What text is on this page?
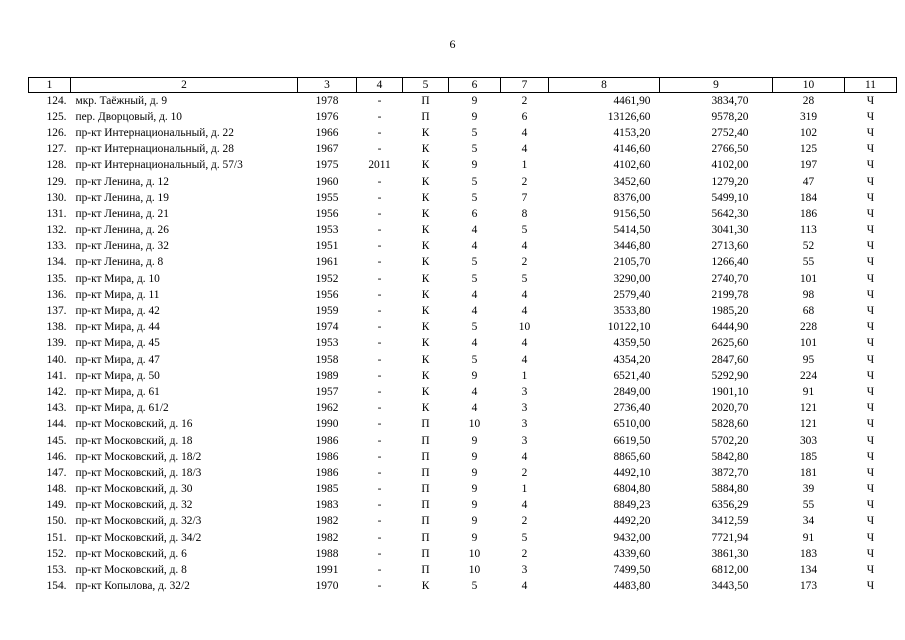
6
1	2	3	4	5	6	7	8	9	10	11
124.	мкр. Таёжный, д. 9	1978	-	П	9	2	4461,90	3834,70	28	Ч
125.	пер. Дворцовый, д. 10	1976	-	П	9	6	13126,60	9578,20	319	Ч
126.	пр-кт Интернациональный, д. 22	1966	-	К	5	4	4153,20	2752,40	102	Ч
127.	пр-кт Интернациональный, д. 28	1967	-	К	5	4	4146,60	2766,50	125	Ч
128.	пр-кт Интернациональный, д. 57/3	1975	2011	К	9	1	4102,60	4102,00	197	Ч
129.	пр-кт Ленина, д. 12	1960	-	К	5	2	3452,60	1279,20	47	Ч
130.	пр-кт Ленина, д. 19	1955	-	К	5	7	8376,00	5499,10	184	Ч
131.	пр-кт Ленина, д. 21	1956	-	К	6	8	9156,50	5642,30	186	Ч
132.	пр-кт Ленина, д. 26	1953	-	К	4	5	5414,50	3041,30	113	Ч
133.	пр-кт Ленина, д. 32	1951	-	К	4	4	3446,80	2713,60	52	Ч
134.	пр-кт Ленина, д. 8	1961	-	К	5	2	2105,70	1266,40	55	Ч
135.	пр-кт Мира, д. 10	1952	-	К	5	5	3290,00	2740,70	101	Ч
136.	пр-кт Мира, д. 11	1956	-	К	4	4	2579,40	2199,78	98	Ч
137.	пр-кт Мира, д. 42	1959	-	К	4	4	3533,80	1985,20	68	Ч
138.	пр-кт Мира, д. 44	1974	-	К	5	10	10122,10	6444,90	228	Ч
139.	пр-кт Мира, д. 45	1953	-	К	4	4	4359,50	2625,60	101	Ч
140.	пр-кт Мира, д. 47	1958	-	К	5	4	4354,20	2847,60	95	Ч
141.	пр-кт Мира, д. 50	1989	-	К	9	1	6521,40	5292,90	224	Ч
142.	пр-кт Мира, д. 61	1957	-	К	4	3	2849,00	1901,10	91	Ч
143.	пр-кт Мира, д. 61/2	1962	-	К	4	3	2736,40	2020,70	121	Ч
144.	пр-кт Московский, д. 16	1990	-	П	10	3	6510,00	5828,60	121	Ч
145.	пр-кт Московский, д. 18	1986	-	П	9	3	6619,50	5702,20	303	Ч
146.	пр-кт Московский, д. 18/2	1986	-	П	9	4	8865,60	5842,80	185	Ч
147.	пр-кт Московский, д. 18/3	1986	-	П	9	2	4492,10	3872,70	181	Ч
148.	пр-кт Московский, д. 30	1985	-	П	9	1	6804,80	5884,80	39	Ч
149.	пр-кт Московский, д. 32	1983	-	П	9	4	8849,23	6356,29	55	Ч
150.	пр-кт Московский, д. 32/3	1982	-	П	9	2	4492,20	3412,59	34	Ч
151.	пр-кт Московский, д. 34/2	1982	-	П	9	5	9432,00	7721,94	91	Ч
152.	пр-кт Московский, д. 6	1988	-	П	10	2	4339,60	3861,30	183	Ч
153.	пр-кт Московский, д. 8	1991	-	П	10	3	7499,50	6812,00	134	Ч
154.	пр-кт Копылова, д. 32/2	1970	-	К	5	4	4483,80	3443,50	173	Ч
